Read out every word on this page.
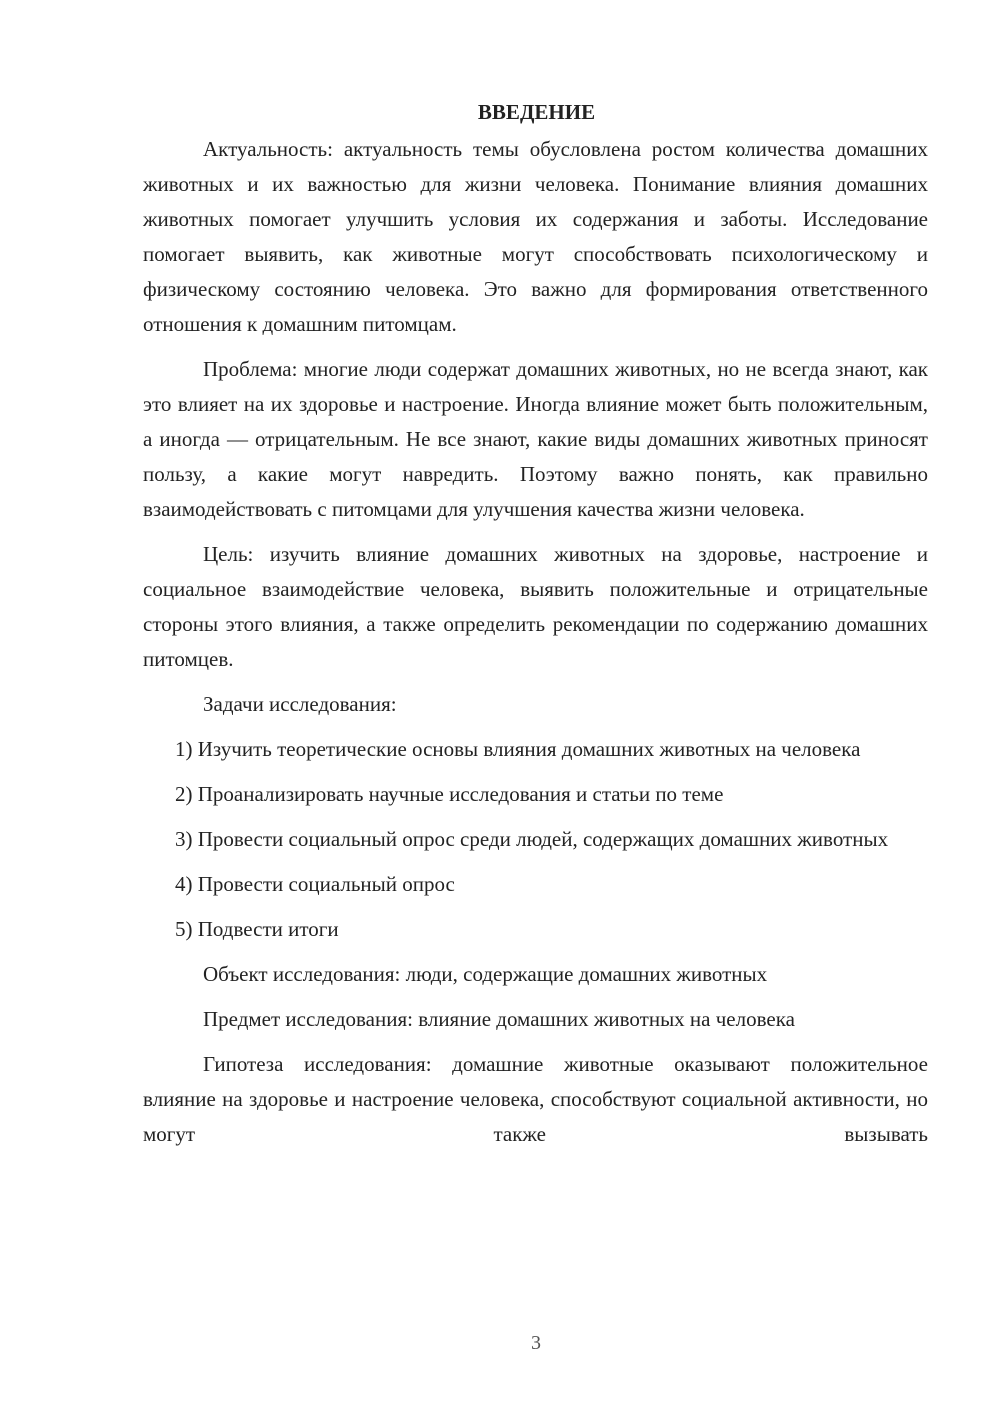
ВВЕДЕНИЕ

Актуальность: актуальность темы обусловлена ростом количества домашних животных и их важностью для жизни человека. Понимание влияния домашних животных помогает улучшить условия их содержания и заботы. Исследование помогает выявить, как животные могут способствовать психологическому и физическому состоянию человека. Это важно для формирования ответственного отношения к домашним питомцам.

Проблема: многие люди содержат домашних животных, но не всегда знают, как это влияет на их здоровье и настроение. Иногда влияние может быть положительным, а иногда — отрицательным. Не все знают, какие виды домашних животных приносят пользу, а какие могут навредить. Поэтому важно понять, как правильно взаимодействовать с питомцами для улучшения качества жизни человека.

Цель: изучить влияние домашних животных на здоровье, настроение и социальное взаимодействие человека, выявить положительные и отрицательные стороны этого влияния, а также определить рекомендации по содержанию домашних питомцев.

Задачи исследования:

1) Изучить теоретические основы влияния домашних животных на человека

2) Проанализировать научные исследования и статьи по теме

3) Провести социальный опрос среди людей, содержащих домашних животных

4) Провести социальный опрос

5) Подвести итоги

Объект исследования: люди, содержащие домашних животных

Предмет исследования: влияние домашних животных на человека

Гипотеза исследования: домашние животные оказывают положительное влияние на здоровье и настроение человека, способствуют социальной активности, но могут также вызывать

3
